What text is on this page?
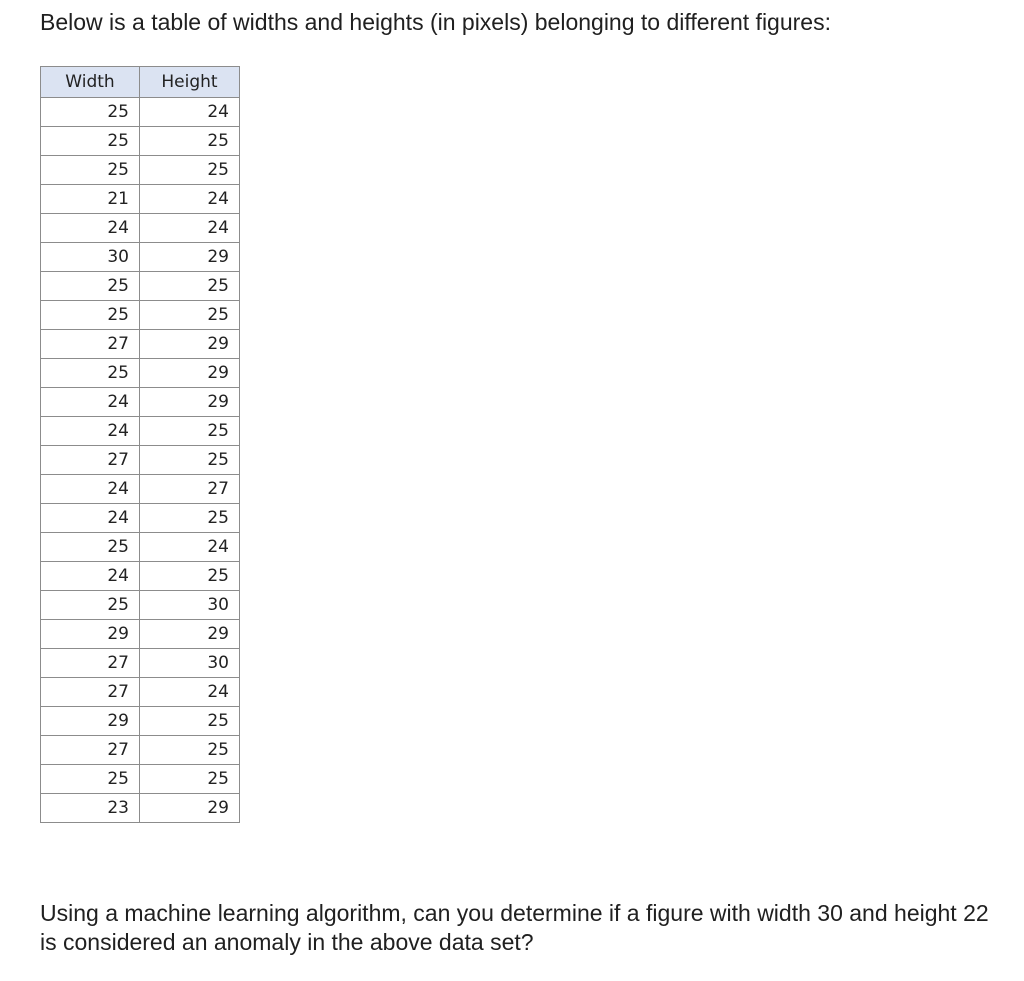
Below is a table of widths and heights (in pixels) belonging to different figures:

Width	Height
25	24
25	25
25	25
21	24
24	24
30	29
25	25
25	25
27	29
25	29
24	29
24	25
27	25
24	27
24	25
25	24
24	25
25	30
29	29
27	30
27	24
29	25
27	25
25	25
23	29

Using a machine learning algorithm, can you determine if a figure with width 30 and height 22 is considered an anomaly in the above data set?
